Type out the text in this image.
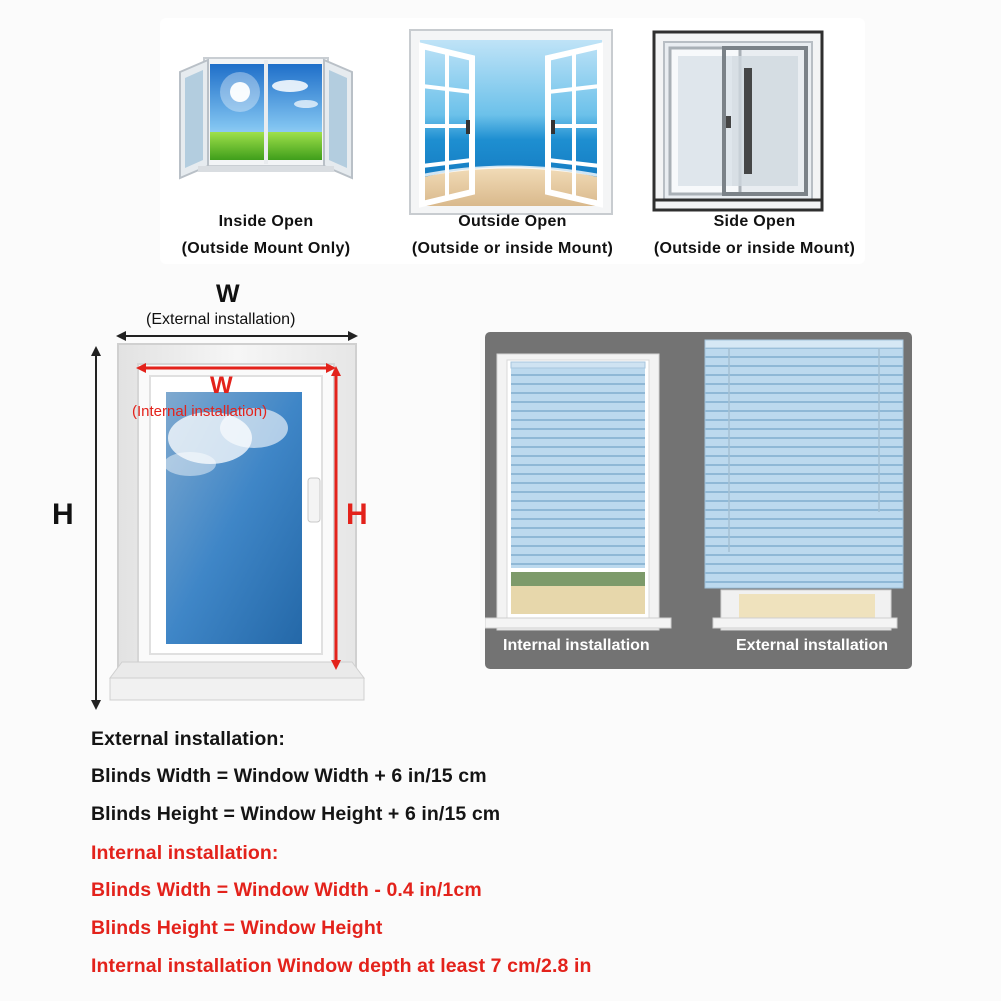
Inside Open
(Outside Mount Only)
Outside Open
(Outside or inside Mount)
Side Open
(Outside or inside Mount)
W
(External installation)
H
W
(Internal installation)
H
Internal installation	External installation
External installation:
Blinds Width = Window Width + 6 in/15 cm
Blinds Height = Window Height + 6 in/15 cm
Internal installation:
Blinds Width = Window Width - 0.4 in/1cm
Blinds Height = Window Height
Internal installation Window depth at least 7 cm/2.8 in
